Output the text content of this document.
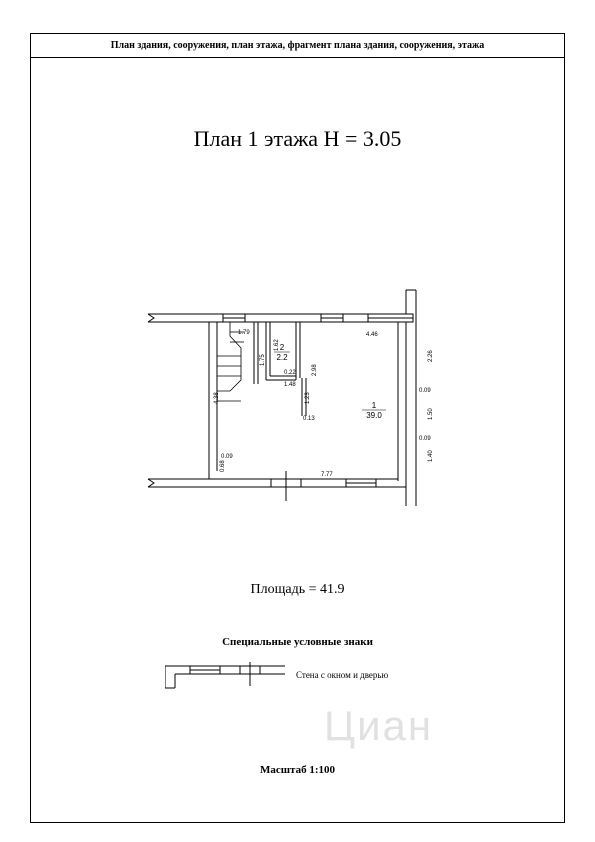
План здания, сооружения, план этажа, фрагмент плана здания, сооружения, этажа
План 1 этажа Н = 3.05
1.79
4.38
4.46
1.62
1.75
0.22
1.48
2.98
1.23
0.13
2.26
1.50
1.40
0.09
0.09
7.77
0.09
0.68
1
39.0
2
2.2
Площадь = 41.9
Специальные условные знаки
Стена с окном и дверью
Циан
Масштаб 1:100
